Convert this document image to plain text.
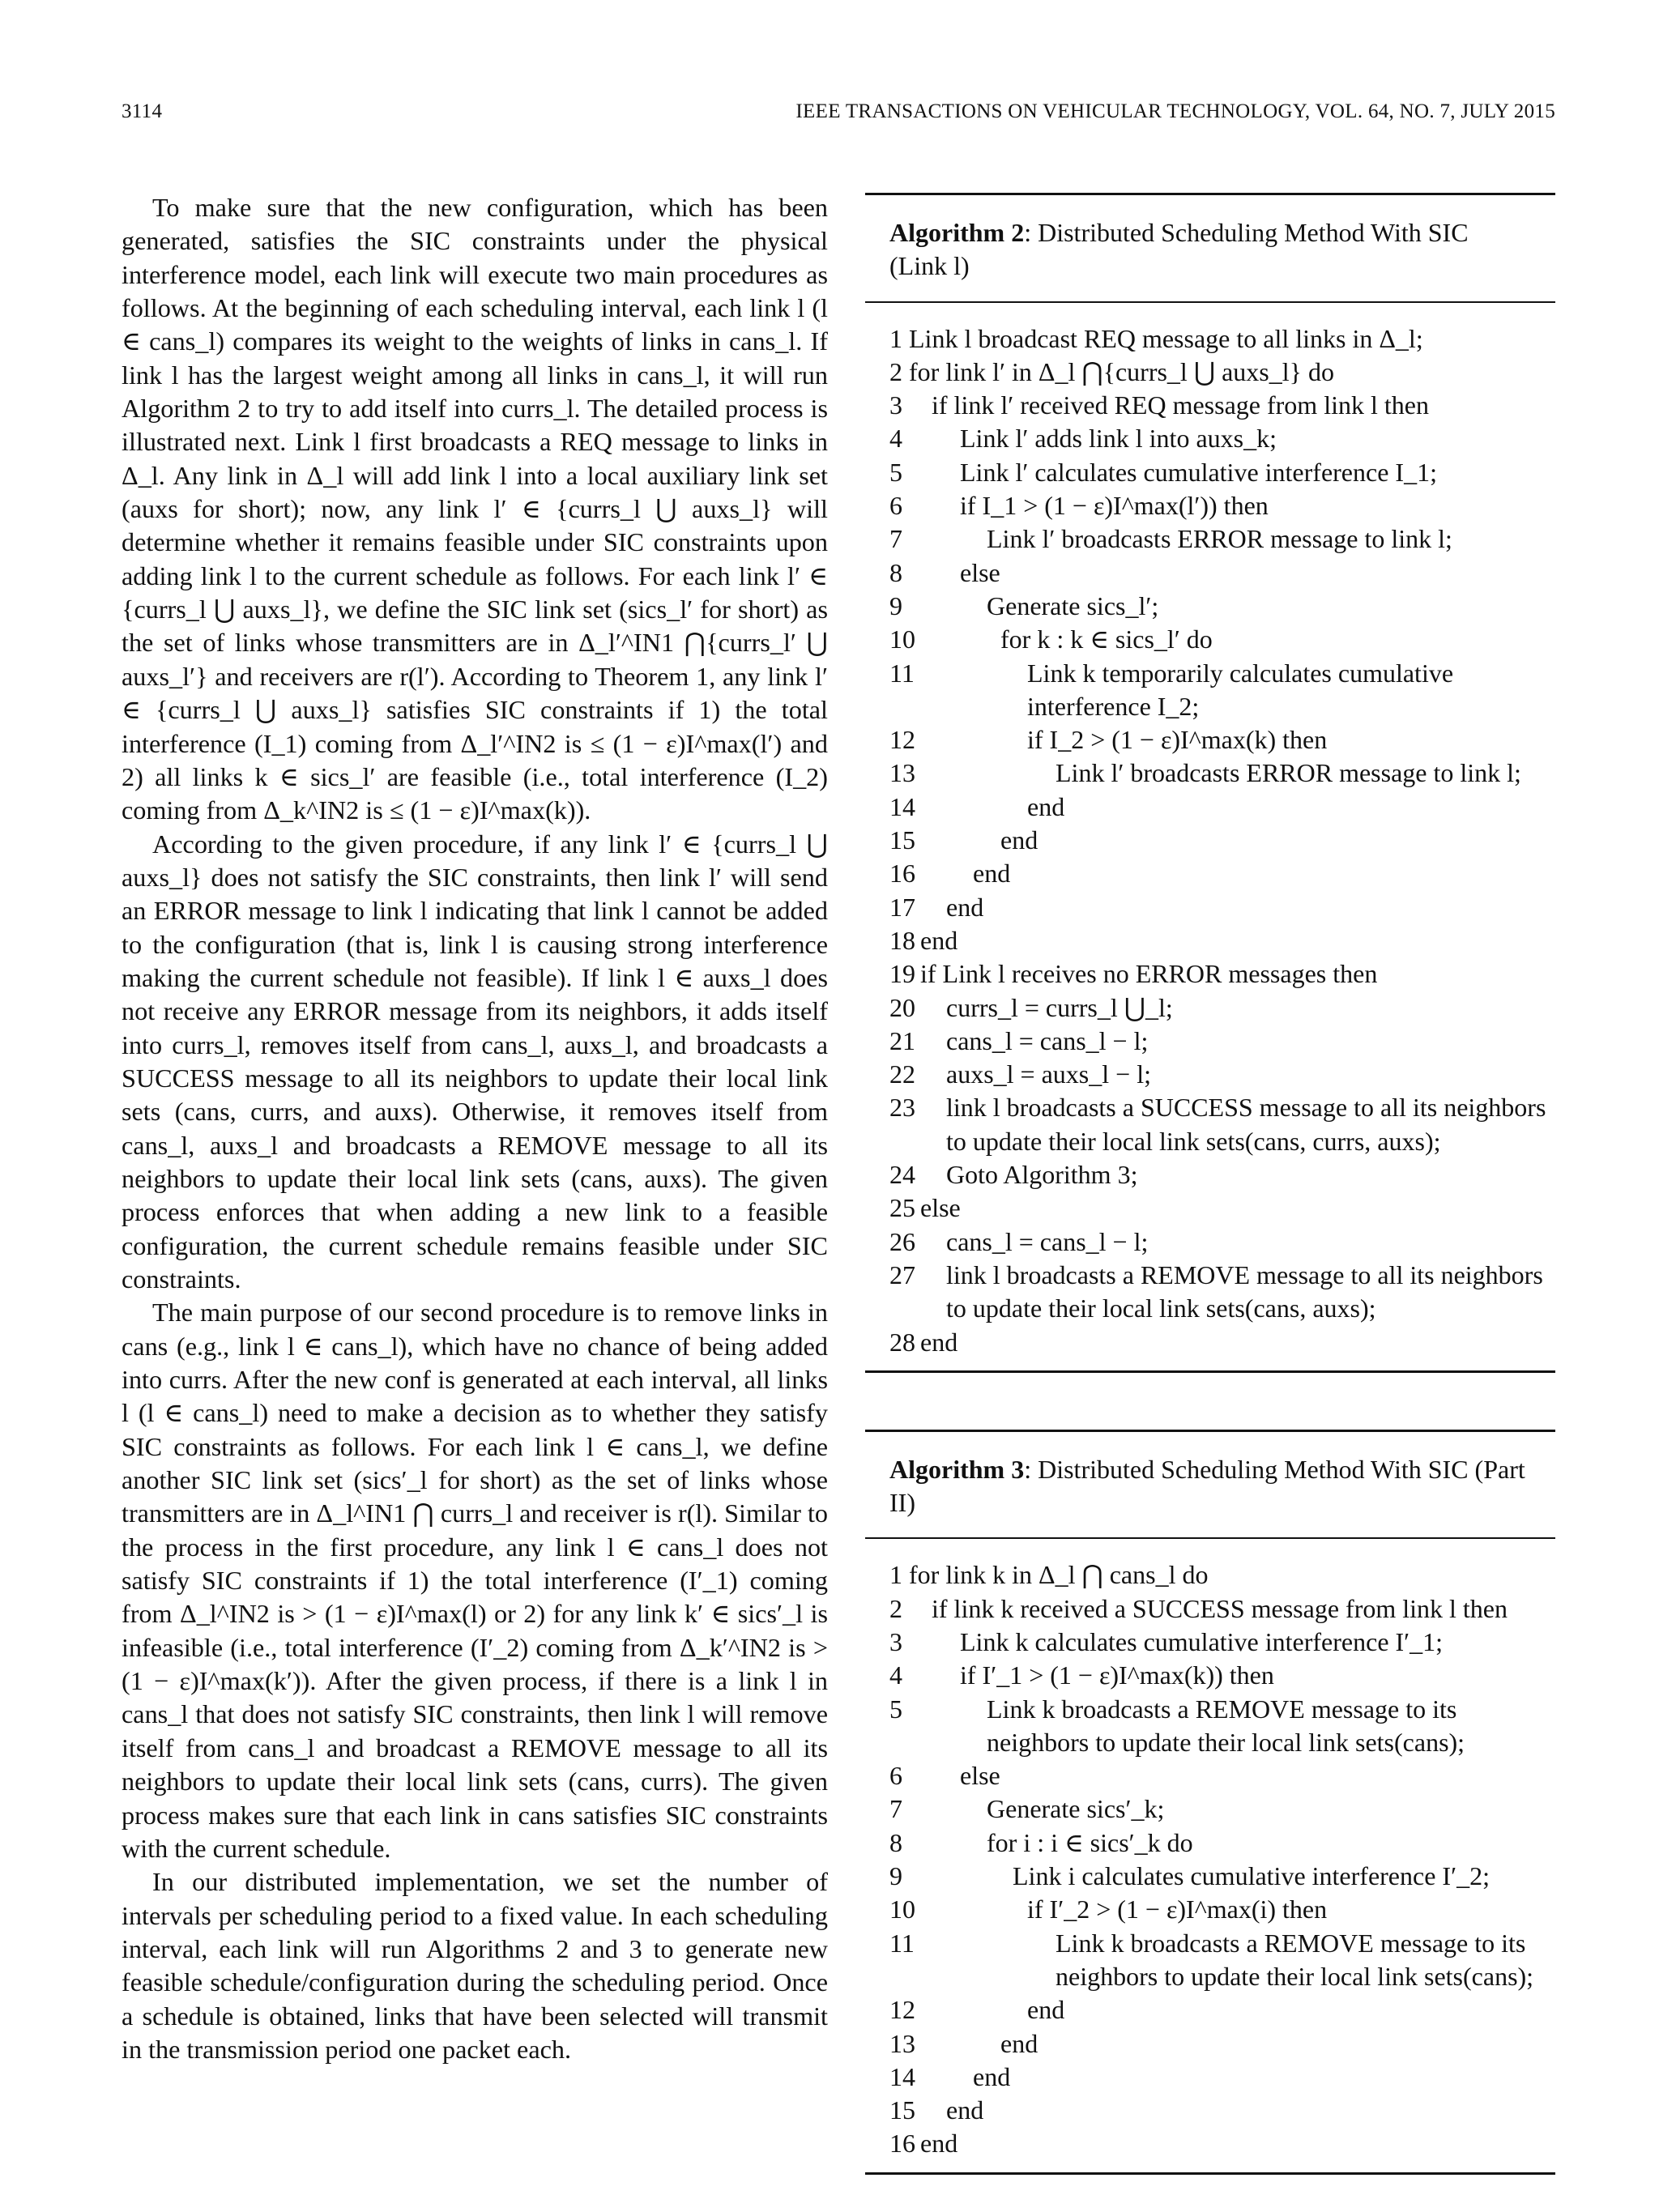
3114	IEEE TRANSACTIONS ON VEHICULAR TECHNOLOGY, VOL. 64, NO. 7, JULY 2015

To make sure that the new configuration, which has been generated, satisfies the SIC constraints under the physical interference model, each link will execute two main procedures as follows. At the beginning of each scheduling interval, each link l (l ∈ cans_l) compares its weight to the weights of links in cans_l. If link l has the largest weight among all links in cans_l, it will run Algorithm 2 to try to add itself into currs_l. The detailed process is illustrated next. Link l first broadcasts a REQ message to links in Δ_l. Any link in Δ_l will add link l into a local auxiliary link set (auxs for short); now, any link l′ ∈ {currs_l ⋃ auxs_l} will determine whether it remains feasible under SIC constraints upon adding link l to the current schedule as follows. For each link l′ ∈ {currs_l ⋃ auxs_l}, we define the SIC link set (sics_l′ for short) as the set of links whose transmitters are in Δ_l′^IN1 ⋂{currs_l′ ⋃ auxs_l′} and receivers are r(l′). According to Theorem 1, any link l′ ∈ {currs_l ⋃ auxs_l} satisfies SIC constraints if 1) the total interference (I_1) coming from Δ_l′^IN2 is ≤ (1 − ε)I^max(l′) and 2) all links k ∈ sics_l′ are feasible (i.e., total interference (I_2) coming from Δ_k^IN2 is ≤ (1 − ε)I^max(k)).

According to the given procedure, if any link l′ ∈ {currs_l ⋃ auxs_l} does not satisfy the SIC constraints, then link l′ will send an ERROR message to link l indicating that link l cannot be added to the configuration (that is, link l is causing strong interference making the current schedule not feasible). If link l ∈ auxs_l does not receive any ERROR message from its neighbors, it adds itself into currs_l, removes itself from cans_l, auxs_l, and broadcasts a SUCCESS message to all its neighbors to update their local link sets (cans, currs, and auxs). Otherwise, it removes itself from cans_l, auxs_l and broadcasts a REMOVE message to all its neighbors to update their local link sets (cans, auxs). The given process enforces that when adding a new link to a feasible configuration, the current schedule remains feasible under SIC constraints.

The main purpose of our second procedure is to remove links in cans (e.g., link l ∈ cans_l), which have no chance of being added into currs. After the new conf is generated at each interval, all links l (l ∈ cans_l) need to make a decision as to whether they satisfy SIC constraints as follows. For each link l ∈ cans_l, we define another SIC link set (sics′_l for short) as the set of links whose transmitters are in Δ_l^IN1 ⋂ currs_l and receiver is r(l). Similar to the process in the first procedure, any link l ∈ cans_l does not satisfy SIC constraints if 1) the total interference (I′_1) coming from Δ_l^IN2 is > (1 − ε)I^max(l) or 2) for any link k′ ∈ sics′_l is infeasible (i.e., total interference (I′_2) coming from Δ_k′^IN2 is > (1 − ε)I^max(k′)). After the given process, if there is a link l in cans_l that does not satisfy SIC constraints, then link l will remove itself from cans_l and broadcast a REMOVE message to all its neighbors to update their local link sets (cans, currs). The given process makes sure that each link in cans satisfies SIC constraints with the current schedule.

In our distributed implementation, we set the number of intervals per scheduling period to a fixed value. In each scheduling interval, each link will run Algorithms 2 and 3 to generate new feasible schedule/configuration during the scheduling period. Once a schedule is obtained, links that have been selected will transmit in the transmission period one packet each.

Algorithm 2: Distributed Scheduling Method With SIC (Link l)
1 Link l broadcast REQ message to all links in Δ_l;
2 for link l′ in Δ_l ⋂{currs_l ⋃ auxs_l} do
3	if link l′ received REQ message from link l then
4	Link l′ adds link l into auxs_k;
5	Link l′ calculates cumulative interference I_1;
6	if I_1 > (1 − ε)I^max(l′)) then
7	Link l′ broadcasts ERROR message to link l;
8	else
9	Generate sics_l′;
10	for k : k ∈ sics_l′ do
11	Link k temporarily calculates cumulative interference I_2;
12	if I_2 > (1 − ε)I^max(k) then
13	Link l′ broadcasts ERROR message to link l;
14	end
15	end
16	end
17	end
18 end
19 if Link l receives no ERROR messages then
20	currs_l = currs_l ⋃_l;
21	cans_l = cans_l − l;
22	auxs_l = auxs_l − l;
23	link l broadcasts a SUCCESS message to all its neighbors to update their local link sets(cans, currs, auxs);
24	Goto Algorithm 3;
25 else
26	cans_l = cans_l − l;
27	link l broadcasts a REMOVE message to all its neighbors to update their local link sets(cans, auxs);
28 end
Algorithm 3: Distributed Scheduling Method With SIC (Part II)
1 for link k in Δ_l ⋂ cans_l do
2	if link k received a SUCCESS message from link l then
3	Link k calculates cumulative interference I′_1;
4	if I′_1 > (1 − ε)I^max(k)) then
5	Link k broadcasts a REMOVE message to its neighbors to update their local link sets(cans);
6	else
7	Generate sics′_k;
8	for i : i ∈ sics′_k do
9	Link i calculates cumulative interference I′_2;
10	if I′_2 > (1 − ε)I^max(i) then
11	Link k broadcasts a REMOVE message to its neighbors to update their local link sets(cans);
12	end
13	end
14	end
15	end
16 end
